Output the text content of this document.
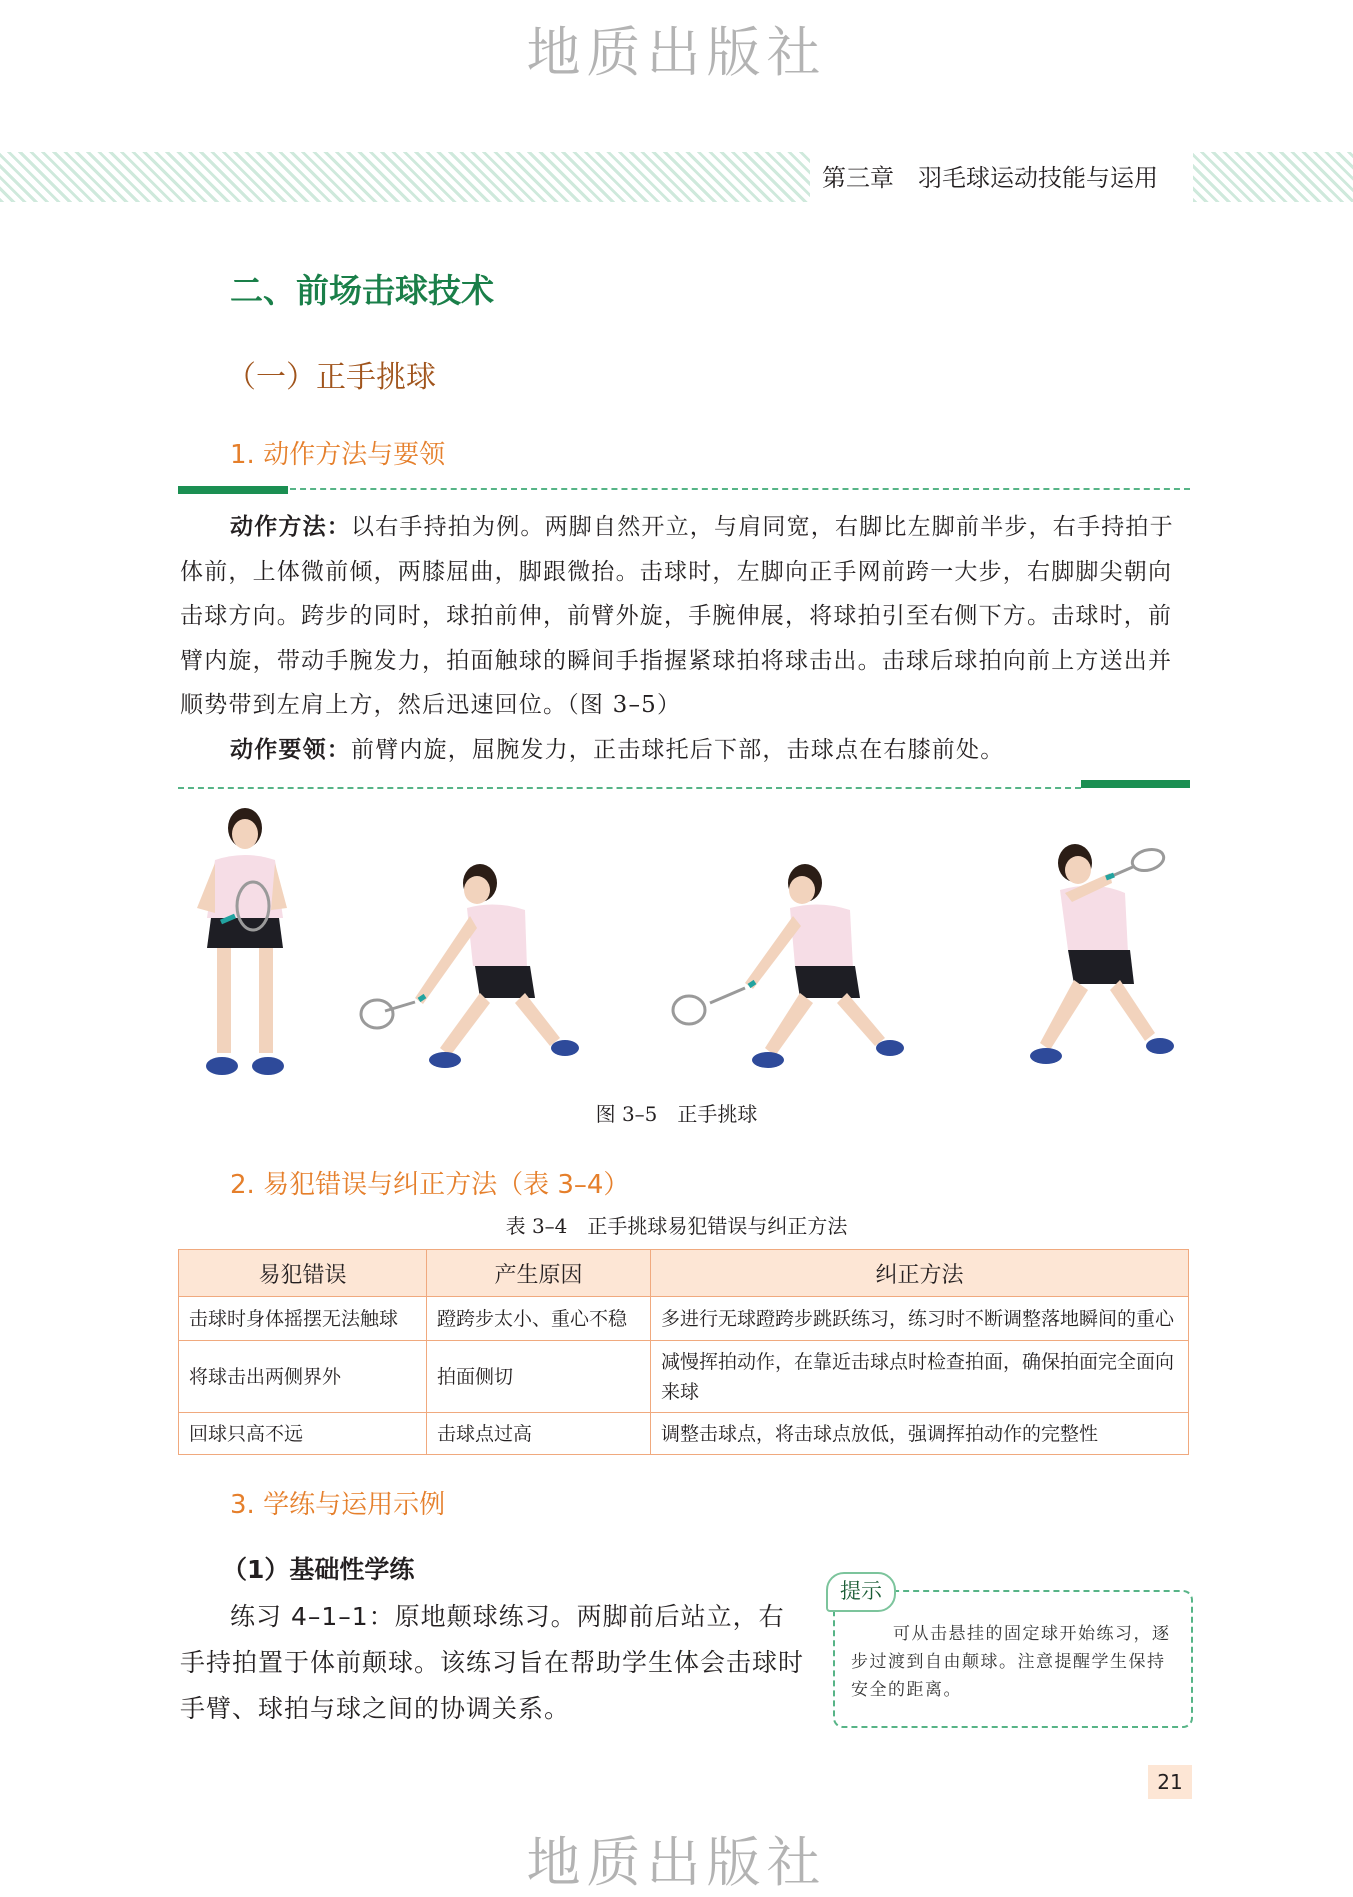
地质出版社
地质出版社
第三章　羽毛球运动技能与运用
二、前场击球技术
（一）正手挑球
1. 动作方法与要领

动作方法：以右手持拍为例。两脚自然开立，与肩同宽，右脚比左脚前半步，右手持拍于体前，上体微前倾，两膝屈曲，脚跟微抬。击球时，左脚向正手网前跨一大步，右脚脚尖朝向击球方向。跨步的同时，球拍前伸，前臂外旋，手腕伸展，将球拍引至右侧下方。击球时，前臂内旋，带动手腕发力，拍面触球的瞬间手指握紧球拍将球击出。击球后球拍向前上方送出并顺势带到左肩上方，然后迅速回位。（图 3–5）

动作要领：前臂内旋，屈腕发力，正击球托后下部，击球点在右膝前处。

图 3–5　正手挑球
2. 易犯错误与纠正方法（表 3–4）
表 3–4　正手挑球易犯错误与纠正方法
易犯错误	产生原因	纠正方法
击球时身体摇摆无法触球	蹬跨步太小、重心不稳	多进行无球蹬跨步跳跃练习，练习时不断调整落地瞬间的重心
将球击出两侧界外	拍面侧切	减慢挥拍动作，在靠近击球点时检查拍面，确保拍面完全面向来球
回球只高不远	击球点过高	调整击球点，将击球点放低，强调挥拍动作的完整性
3. 学练与运用示例
（1）基础性学练

练习 4–1–1：原地颠球练习。两脚前后站立，右手持拍置于体前颠球。该练习旨在帮助学生体会击球时手臂、球拍与球之间的协调关系。

提示

可从击悬挂的固定球开始练习，逐步过渡到自由颠球。注意提醒学生保持安全的距离。

21
